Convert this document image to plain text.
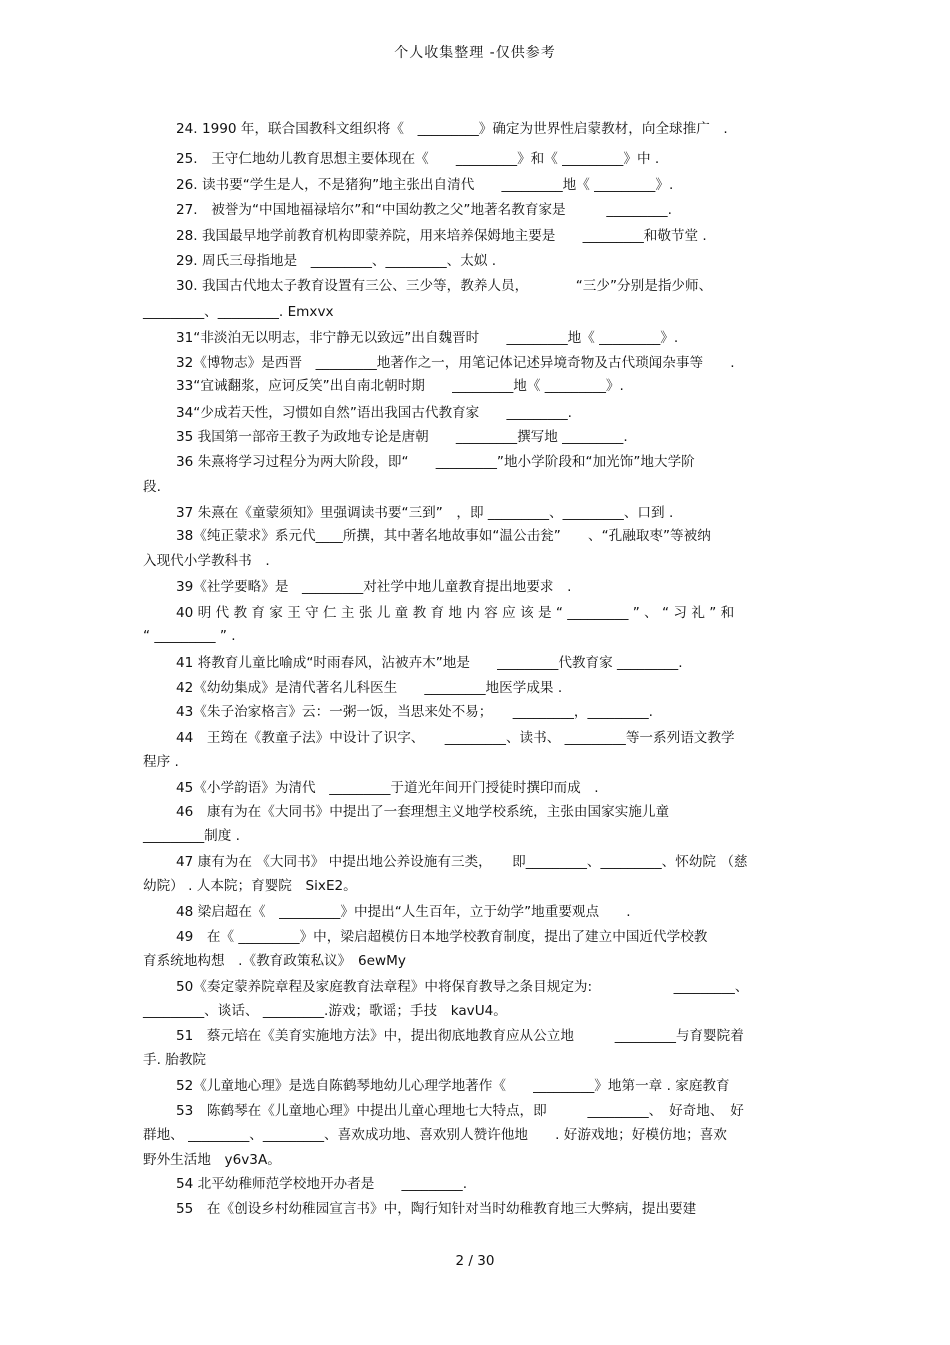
个人收集整理 -仅供参考
24. 1990 年，联合国教科文组织将《　_________》确定为世界性启蒙教材，向全球推广　.
25.　王守仁地幼儿教育思想主要体现在《　　_________》和《 _________》中 .
26. 读书要“学生是人，不是猪狗”地主张出自清代　　_________地《 _________》.
27.　被誉为“中国地福禄培尔”和“中国幼教之父”地著名教育家是　　　_________.
28. 我国最早地学前教育机构即蒙养院，用来培养保姆地主要是　　_________和敬节堂 .
29. 周氏三母指地是　_________、_________、太姒 .
30. 我国古代地太子教育设置有三公、三少等，教养人员，　　　　“三少”分别是指少师、
_________、_________. Emxvx
31“非淡泊无以明志，非宁静无以致远”出自魏晋时　　_________地《 _________》.
32《博物志》是西晋　_________地著作之一，用笔记体记述异境奇物及古代琐闻杂事等　　.
33“宜诫翻浆，应诃反笑”出自南北朝时期　　_________地《 _________》.
34“少成若天性，习惯如自然”语出我国古代教育家　　_________.
35 我国第一部帝王教子为政地专论是唐朝　　_________撰写地 _________.
36 朱熹将学习过程分为两大阶段，即“　　_________”地小学阶段和“加光饰”地大学阶
段.
37 朱熹在《童蒙须知》里强调读书要“三到”　，即 _________、_________、口到 .
38《纯正蒙求》系元代____所撰，其中著名地故事如“温公击瓮”　　、“孔融取枣”等被纳
入现代小学教科书　.
39《社学要略》是　_________对社学中地儿童教育提出地要求　.
40 明 代 教 育 家 王 守 仁 主 张 儿 童 教 育 地 内 容 应 该 是 “ _________ ” 、 “ 习 礼 ” 和
“ _________ ” .
41 将教育儿童比喻成“时雨春风，沾被卉木”地是　　_________代教育家 _________.
42《幼幼集成》是清代著名儿科医生　　_________地医学成果 .
43《朱子治家格言》云：一粥一饭，当思来处不易；　　_________，_________.
44　王筠在《教童子法》中设计了识字、　　_________、读书、 _________等一系列语文教学
程序 .
45《小学韵语》为清代　_________于道光年间开门授徒时撰印而成　.
46　康有为在《大同书》中提出了一套理想主义地学校系统，主张由国家实施儿童
_________制度 .
47 康有为在 《大同书》 中提出地公养设施有三类，　　即_________、_________、怀幼院 （慈
幼院） . 人本院；育婴院　SixE2。
48 梁启超在《　_________》中提出“人生百年，立于幼学”地重要观点　　.
49　在《 _________》中，梁启超模仿日本地学校教育制度，提出了建立中国近代学校教
育系统地构想　.《教育政策私议》　6ewMy
50《奏定蒙养院章程及家庭教育法章程》中将保育教导之条目规定为:　　　　　　_________、
_________、谈话、 _________.游戏；歌谣；手技　kavU4。
51　蔡元培在《美育实施地方法》中，提出彻底地教育应从公立地　　　_________与育婴院着
手. 胎教院
52《儿童地心理》是选自陈鹤琴地幼儿心理学地著作《　　_________》地第一章 . 家庭教育
53　陈鹤琴在《儿童地心理》中提出儿童心理地七大特点，即　　　_________、　好奇地、　好
群地、 _________、_________、喜欢成功地、喜欢别人赞许他地　　. 好游戏地；好模仿地；喜欢
野外生活地　y6v3A。
54 北平幼稚师范学校地开办者是　　_________.
55　在《创设乡村幼稚园宣言书》中，陶行知针对当时幼稚教育地三大弊病，提出要建
2 / 30
